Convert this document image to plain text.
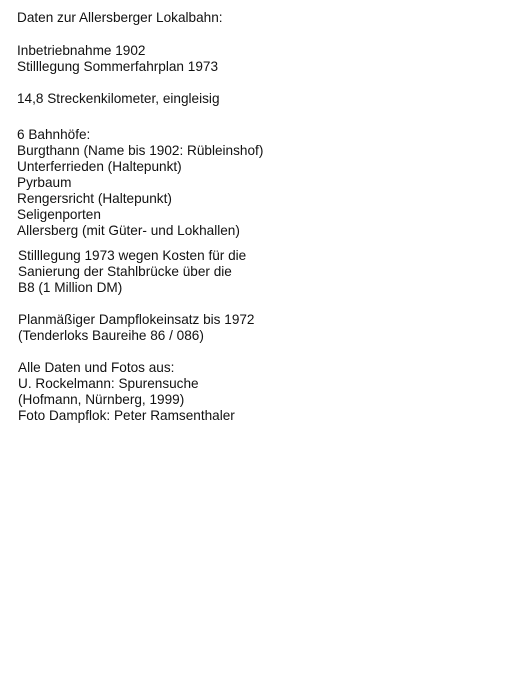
Daten zur Allersberger Lokalbahn:
Inbetriebnahme 1902
Stilllegung Sommerfahrplan 1973
14,8 Streckenkilometer, eingleisig
6 Bahnhöfe:
Burgthann (Name bis 1902: Rübleinshof)
Unterferrieden (Haltepunkt)
Pyrbaum
Rengersricht (Haltepunkt)
Seligenporten
Allersberg (mit Güter- und Lokhallen)
Stilllegung 1973 wegen Kosten für die
Sanierung der Stahlbrücke über die
B8 (1 Million DM)
Planmäßiger Dampflokeinsatz bis 1972
(Tenderloks Baureihe 86 / 086)
Alle Daten und Fotos aus:
U. Rockelmann: Spurensuche
(Hofmann, Nürnberg, 1999)
Foto Dampflok: Peter Ramsenthaler
